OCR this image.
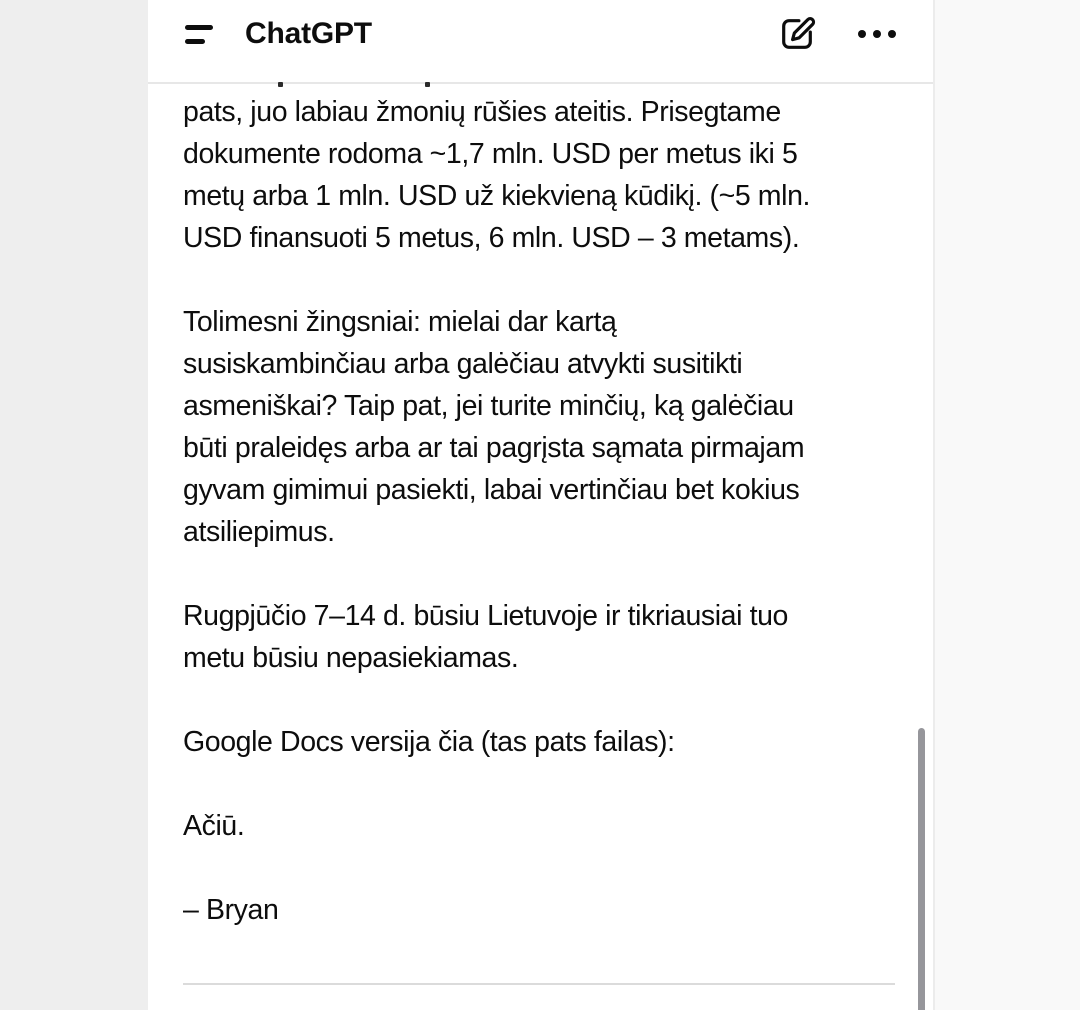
ChatGPT

pats, juo labiau žmonių rūšies ateitis. Prisegtame
dokumente rodoma ~1,7 mln. USD per metus iki 5
metų arba 1 mln. USD už kiekvieną kūdikį. (~5 mln.
USD finansuoti 5 metus, 6 mln. USD – 3 metams).

Tolimesni žingsniai: mielai dar kartą
susiskambinčiau arba galėčiau atvykti susitikti
asmeniškai? Taip pat, jei turite minčių, ką galėčiau
būti praleidęs arba ar tai pagrįsta sąmata pirmajam
gyvam gimimui pasiekti, labai vertinčiau bet kokius
atsiliepimus.

Rugpjūčio 7–14 d. būsiu Lietuvoje ir tikriausiai tuo
metu būsiu nepasiekiamas.

Google Docs versija čia (tas pats failas):

Ačiū.

– Bryan
